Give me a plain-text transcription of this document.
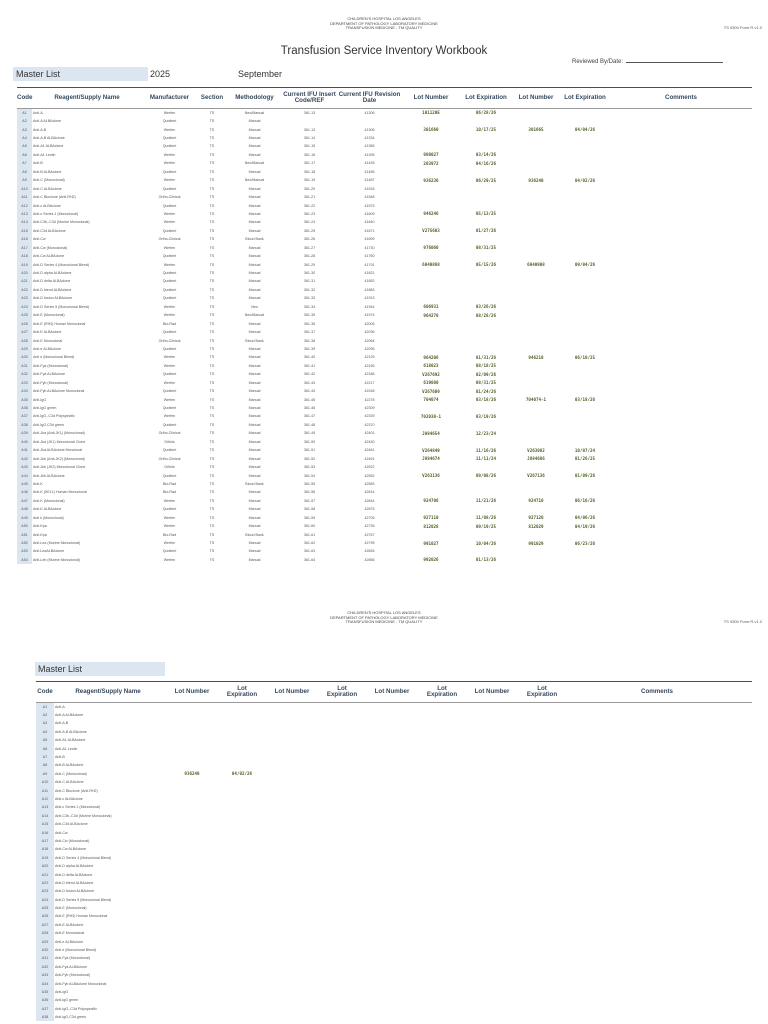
CHILDREN'S HOSPITAL LOS ANGELES
DEPARTMENT OF PATHOLOGY LABORATORY MEDICINE
TRANSFUSION MEDICINE - TM QUALITY	TS 9300 Form R v1.0
Transfusion Service Inventory Workbook
Reviewed By/Date:
Master List	2025	September
Code	Reagent/Supply Name	Manufacturer	Section	Methodology	Current IFU Insert Code/REF	Current IFU Revision Date	Lot Number	Lot Expiration	Lot Number	Lot Expiration	Comments
A1	Anti-A	Werfen	TS	Neo/Manual	361-13	41306	101120E	06/28/26			
A2	Anti-A ALBAclone	Quotient	TS	Manual							
A3	Anti-A,B	Werfen	TS	Manual	361-13	41306	301660	10/17/25	301665	04/04/26	
A4	Anti-A,B ALBAclone	Quotient	TS	Manual	361-14	41334					
A5	Anti-A1 ALBAclone	Quotient	TS	Manual	361-15	41365					
A6	Anti-A1 Lectin	Werfen	TS	Manual	361-16	41395	980027	03/14/26			
A7	Anti-B	Werfen	TS	Neo/Manual	361-17	41426	203972	04/16/26			
A8	Anti-B ALBAclone	Quotient	TS	Manual	361-18	41456					
A9	Anti-C (Monoclonal)	Werfen	TS	Neo/Manual	361-19	41487	936236	06/29/25	936240	04/02/26	
A10	Anti-C ALBAclone	Quotient	TS	Manual	361-20	41518					
A11	Anti-C Bioclone (Anti-RH2)	Ortho-Clinical	TS	Manual	361-21	41548					
A12	Anti-c ALBAclone	Quotient	TS	Manual	361-22	41579					
A13	Anti-c Series 1 (Monoclonal)	Werfen	TS	Manual	361-23	41609	946246	05/13/25			
A14	Anti-C3b,-C3d (Murine Monoclonal)	Werfen	TS	Manual	361-24	41640					
A15	Anti-C3d ALBAclone	Quotient	TS	Manual	361-25	41671	V275603	01/27/26			
A16	Anti-Cw	Ortho-Clinical	TS	Blood Bank	361-26	41699					
A17	Anti-Cw (Monoclonal)	Werfen	TS	Manual	361-27	41730	976060	08/31/25			
A18	Anti-Cw ALBAclone	Quotient	TS	Manual	361-28	41760					
A19	Anti-D Series 4 (Monoclonal Blend)	Werfen	TS	Manual	361-29	41791	6040868	05/15/26	6040908	09/04/26	
A20	Anti-D alpha ALBAclone	Quotient	TS	Manual	361-30	41821					
A21	Anti-D delta ALBAclone	Quotient	TS	Manual	361-31	41852					
A22	Anti-D blend ALBAclone	Quotient	TS	Manual	361-32	41883					
A23	Anti-D fusion ALBAclone	Quotient	TS	Manual	361-33	41913					
A24	Anti-D Series 5 (Monoclonal Blend)	Werfen	TS	Neo	361-34	41944	606931	03/26/26			
A25	Anti-E (Monoclonal)	Werfen	TS	Neo/Manual	361-35	41974	964270	08/28/26			
A26	Anti-E (RH3) Human Monoclonal	Bio-Rad	TS	Manual	361-36	42005					
A27	Anti-E ALBAclone	Quotient	TS	Manual	361-37	42036					
A28	Anti-E Monoclonal	Ortho-Clinical	TS	Blood Bank	361-38	42064					
A29	Anti-e ALBAclone	Quotient	TS	Manual	361-39	42095					
A30	Anti e (Monoclonal Blend)	Werfen	TS	Manual	361-40	42125	964206	01/31/26	946210	06/10/25	
A31	Anti-Fya (Monoclonal)	Werfen	TS	Manual	361-41	42156	618023	08/18/25			
A32	Anti-Fya ALBAclone	Quotient	TS	Manual	361-42	42186	V267692	02/09/26			
A33	Anti-Fyb (Monoclonal)	Werfen	TS	Manual	361-43	42217	619080	08/31/25			
A34	Anti-Fyb ALBAclone Monoclonal	Quotient	TS	Manual	361-44	42248	V267609	01/24/26			
A35	Anti-IgG	Werfen	TS	Manual	361-45	42278	704074	03/18/26	704074-1	03/18/26	
A36	Anti-IgG green	Quotient	TS	Manual	361-46	42309					
A37	Anti-IgG,-C3d Polyspecific	Werfen	TS	Manual	361-47	42339	702030-1	03/19/26			
A38	Anti-IgG,C3d green	Quotient	TS	Manual	361-48	42370					
A39	Anti-Jka (Anti-JK1) (Monoclonal)	Ortho-Clinical	TS	Manual	361-49	42401	JA84654	12/23/24			
A40	Anti-Jka (JK1) Monoclonal Clone	Grifols	TS	Manual	361-50	42430					
A41	Anti-Jka ALBAclone Monclonal	Quotient	TS	Manual	361-51	42461	V264849	11/16/26	V263082	10/07/24	
A42	Anti-Jkb (Anti-JK2) (Monoclonal)	Ortho-Clinical	TS	Manual	361-52	42491	J884674	11/11/24	J884686	01/26/25	
A43	Anti-Jkb (JK2) Monoclonal Clone	Grifols	TS	Manual	361-53	42522					
A44	Anti-Jkb ALBAclone	Quotient	TS	Manual	361-54	42552	V263136	09/08/26	V267136	01/09/26	
A45	Anti-K	Bio-Rad	TS	Blood Bank	361-55	42583					
A46	Anti-K (KEL1) Human Monoclonal	Bio-Rad	TS	Manual	361-56	42614					
A47	Anti-K (Monoclonal)	Werfen	TS	Manual	361-57	42644	924706	11/21/26	924710	06/16/26	
A48	Anti-K ALBAclone	Quotient	TS	Manual	361-58	42675					
A49	Anti k (Monoclonal)	Werfen	TS	Manual	361-59	42705	927110	11/08/26	927120	04/06/26	
A50	Anti-Kpa	Werfen	TS	Manual	361-60	42736	812028	09/19/25	812029	04/19/26	
A51	Anti-Kpa	Bio-Rad	TS	Blood Bank	361-61	42767					
A52	Anti-Lea (Murine Monoclonal)	Werfen	TS	Manual	361-62	42795	991027	10/04/26	991029	06/23/26	
A53	Anti-LeaALBAclone	Quotient	TS	Manual	361-63	42826					
A54	Anti-Leb (Murine Monoclonal)	Werfen	TS	Manual	361-64	42856	992026	01/13/26			
CHILDREN'S HOSPITAL LOS ANGELES
DEPARTMENT OF PATHOLOGY LABORATORY MEDICINE
TRANSFUSION MEDICINE - TM QUALITY	TS 9300 Form R v1.0
Master List
Code	Reagent/Supply Name	Lot Number	Lot Expiration	Lot Number	Lot Expiration	Lot Number	Lot Expiration	Lot Number	Lot Expiration	Comments
A1	Anti-A									
A2	Anti-A ALBAclone									
A3	Anti-A,B									
A4	Anti-A,B ALBAclone									
A5	Anti-A1 ALBAclone									
A6	Anti-A1 Lectin									
A7	Anti-B									
A8	Anti-B ALBAclone									
A9	Anti-C (Monoclonal)	936240	04/02/26							
A10	Anti-C ALBAclone									
A11	Anti-C Bioclone (Anti-RH2)									
A12	Anti-c ALBAclone									
A13	Anti-c Series 1 (Monoclonal)									
A14	Anti-C3b,-C3d (Murine Monoclonal)									
A15	Anti-C3d ALBAclone									
A16	Anti-Cw									
A17	Anti-Cw (Monoclonal)									
A18	Anti-Cw ALBAclone									
A19	Anti-D Series 4 (Monoclonal Blend)									
A20	Anti-D alpha ALBAclone									
A21	Anti-D delta ALBAclone									
A22	Anti-D blend ALBAclone									
A23	Anti-D fusion ALBAclone									
A24	Anti-D Series 5 (Monoclonal Blend)									
A25	Anti-E (Monoclonal)									
A26	Anti-E (RH3) Human Monoclonal									
A27	Anti-E ALBAclone									
A28	Anti-E Monoclonal									
A29	Anti-e ALBAclone									
A30	Anti e (Monoclonal Blend)									
A31	Anti-Fya (Monoclonal)									
A32	Anti-Fya ALBAclone									
A33	Anti-Fyb (Monoclonal)									
A34	Anti-Fyb ALBAclone Monoclonal									
A35	Anti-IgG									
A36	Anti-IgG green									
A37	Anti-IgG,-C3d Polyspecific									
A38	Anti-IgG,C3d green									
